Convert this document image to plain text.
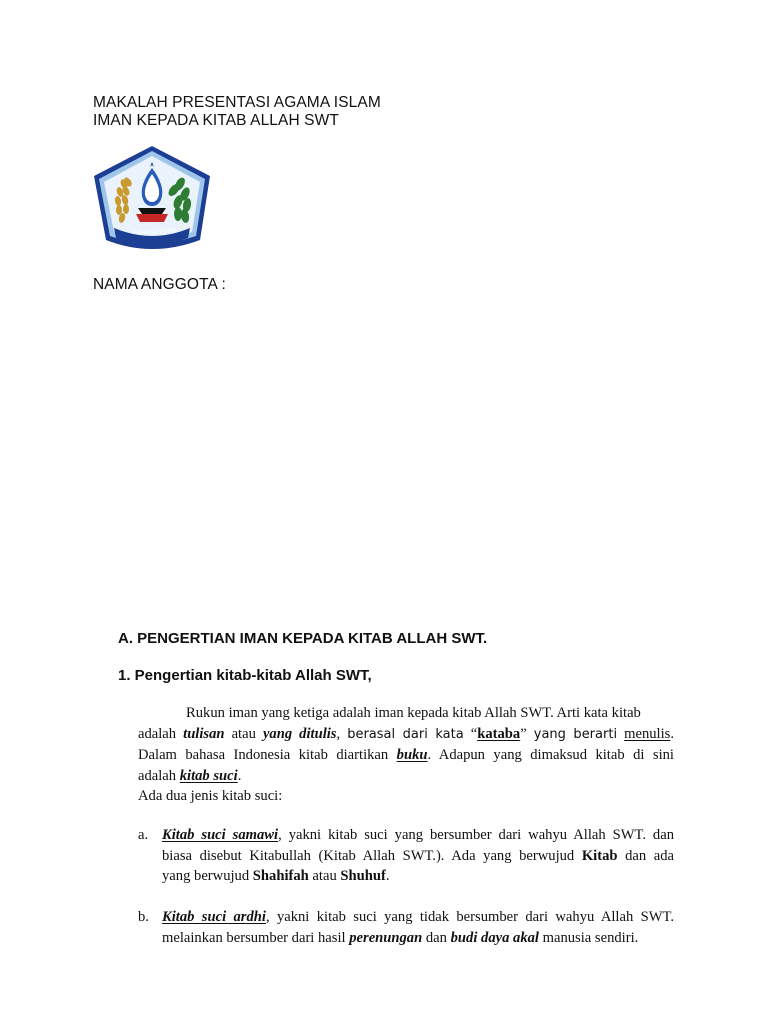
MAKALAH PRESENTASI AGAMA ISLAM
IMAN KEPADA KITAB ALLAH SWT
TUNJUNG PUTIH
NAMA ANGGOTA :
A. PENGERTIAN IMAN KEPADA KITAB ALLAH SWT.
1. Pengertian kitab-kitab Allah SWT,
Rukun iman yang ketiga adalah iman kepada kitab Allah SWT. Arti kata kitab
adalah tulisan atau yang ditulis, berasal dari kata “kataba” yang berarti menulis.
Dalam bahasa Indonesia kitab diartikan buku. Adapun yang dimaksud kitab di sini
adalah kitab suci.
Ada dua jenis kitab suci:
a. Kitab suci samawi, yakni kitab suci yang bersumber dari wahyu Allah SWT. dan
biasa disebut Kitabullah (Kitab Allah SWT.). Ada yang berwujud Kitab dan ada
yang berwujud Shahifah atau Shuhuf.
b. Kitab suci ardhi, yakni kitab suci yang tidak bersumber dari wahyu Allah SWT.
melainkan bersumber dari hasil perenungan dan budi daya akal manusia sendiri.
